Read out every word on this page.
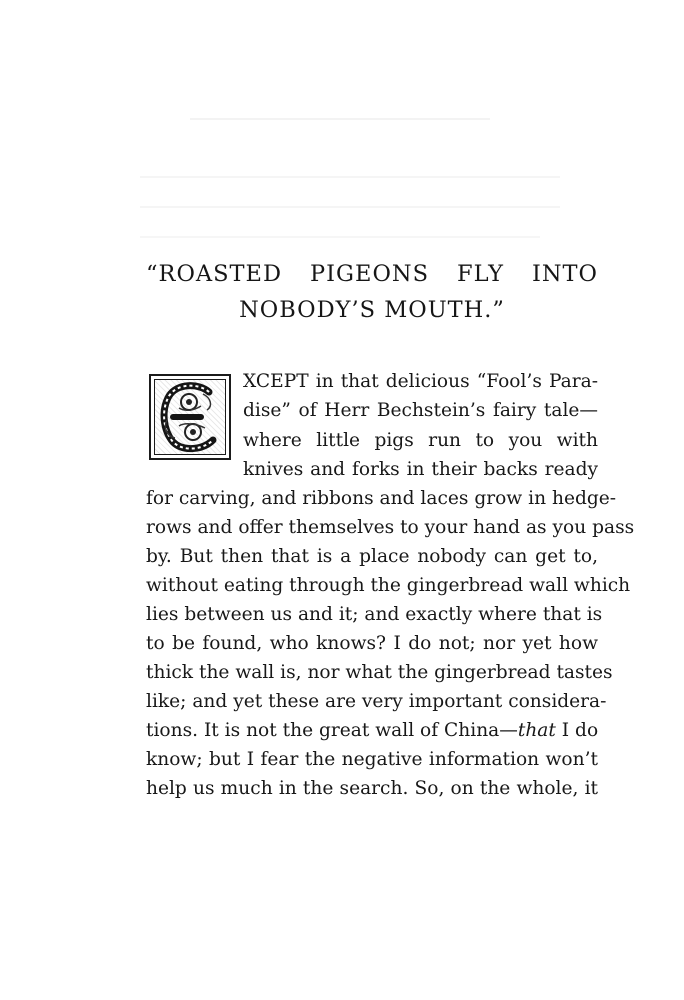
“ROASTED PIGEONS FLY INTO
NOBODY’S MOUTH.”
XCEPT in that delicious “Fool’s Para-
dise” of Herr Bechstein’s fairy tale—
where little pigs run to you with
knives and forks in their backs ready
for carving, and ribbons and laces grow in hedge-
rows and offer themselves to your hand as you pass
by. But then that is a place nobody can get to,
without eating through the gingerbread wall which
lies between us and it; and exactly where that is
to be found, who knows? I do not; nor yet how
thick the wall is, nor what the gingerbread tastes
like; and yet these are very important considera-
tions. It is not the great wall of China—that I do
know; but I fear the negative information won’t
help us much in the search. So, on the whole, it
